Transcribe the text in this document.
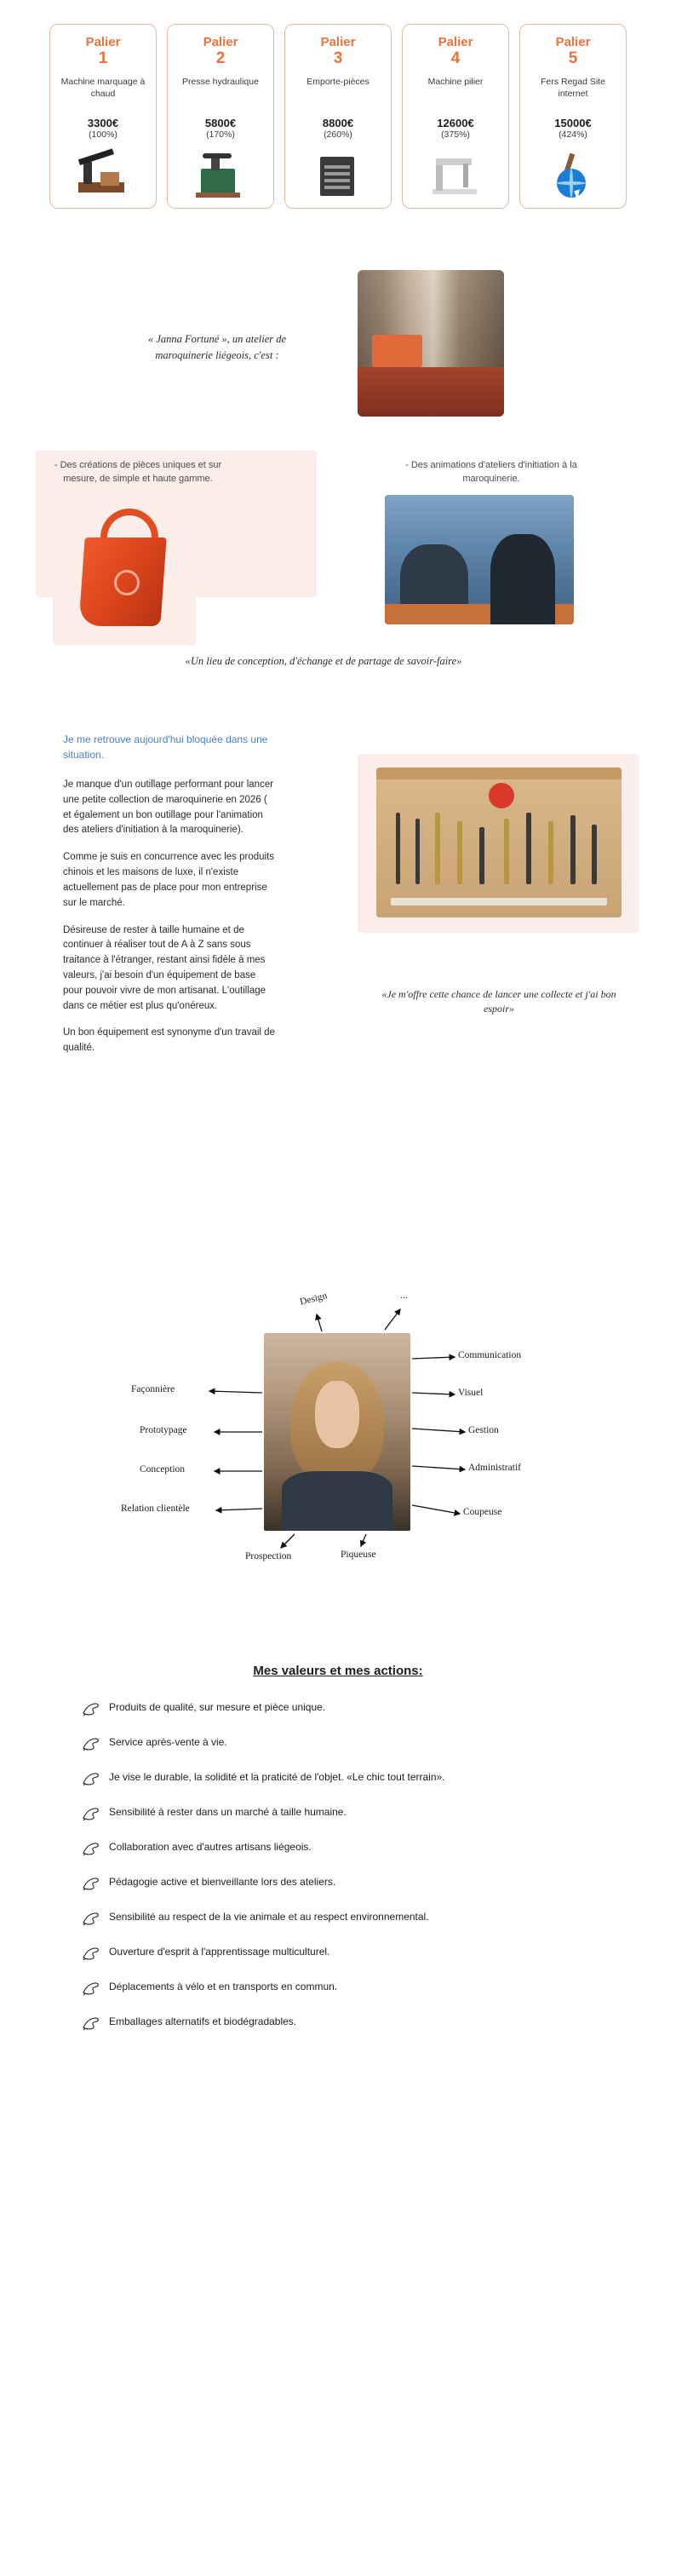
Palier
1
Machine marquage à chaud
3300€
(100%)
Palier
2
Presse hydraulique
5800€
(170%)
Palier
3
Emporte-pièces
8800€
(260%)
Palier
4
Machine pilier
12600€
(375%)
Palier
5
Fers Regad Site internet
15000€
(424%)
« Janna Fortuné », un atelier de maroquinerie liégeois, c'est :
- Des créations de pièces uniques et sur mesure, de simple et haute gamme.
- Des animations d'ateliers d'initiation à la maroquinerie.
«Un lieu de conception, d'échange et de partage de savoir-faire»
Je me retrouve aujourd'hui bloquée dans une situation.

Je manque d'un outillage performant pour lancer une petite collection de maroquinerie en 2026 ( et également un bon outillage pour l'animation des ateliers d'initiation à la maroquinerie).

Comme je suis en concurrence avec les produits chinois et les maisons de luxe, il n'existe actuellement pas de place pour mon entreprise sur le marché.

Désireuse de rester à taille humaine et de continuer à réaliser tout de A à Z sans sous traitance à l'étranger, restant ainsi fidèle à mes valeurs, j'ai besoin d'un équipement de base pour pouvoir vivre de mon artisanat. L'outillage dans ce métier est plus qu'onéreux.

Un bon équipement est synonyme d'un travail de qualité.

«Je m'offre cette chance de lancer une collecte et j'ai bon espoir»
Design	...
Communication
Visuel
Gestion
Administratif
Coupeuse
Piqueuse
Prospection
Relation clientèle
Conception
Prototypage
Façonnière
Mes valeurs et mes actions:
Produits de qualité, sur mesure et pièce unique.
Service après-vente à vie.
Je vise le durable, la solidité et la praticité de l'objet. «Le chic tout terrain».
Sensibilité à rester dans un marché à taille humaine.
Collaboration avec d'autres artisans liégeois.
Pédagogie active et bienveillante lors des ateliers.
Sensibilité au respect de la vie animale et au respect environnemental.
Ouverture d'esprit à l'apprentissage multiculturel.
Déplacements à vélo et en transports en commun.
Emballages alternatifs et biodégradables.
